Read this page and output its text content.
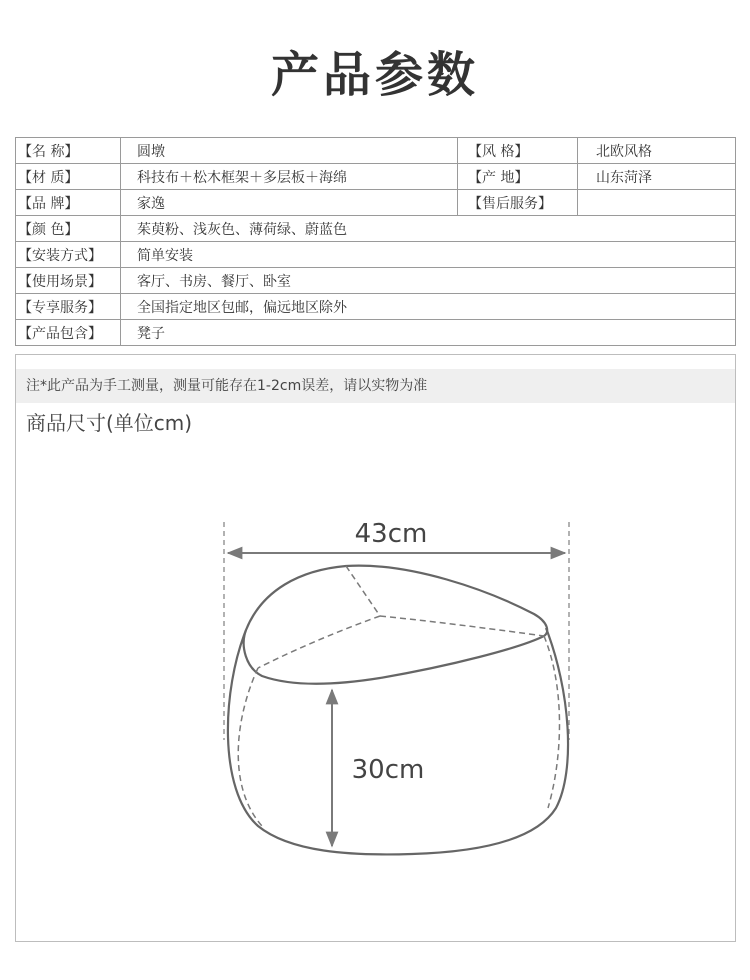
产品参数
【名 称】	圆墩	【风 格】	北欧风格
【材 质】	科技布＋松木框架＋多层板＋海绵	【产 地】	山东菏泽
【品 牌】	家逸	【售后服务】	
【颜 色】	茱萸粉、浅灰色、薄荷绿、蔚蓝色		
【安装方式】	简单安装		
【使用场景】	客厅、书房、餐厅、卧室		
【专享服务】	全国指定地区包邮，偏远地区除外		
【产品包含】	凳子		
注*此产品为手工测量，测量可能存在1-2cm误差，请以实物为准
商品尺寸(单位cm)
43cm
30cm
